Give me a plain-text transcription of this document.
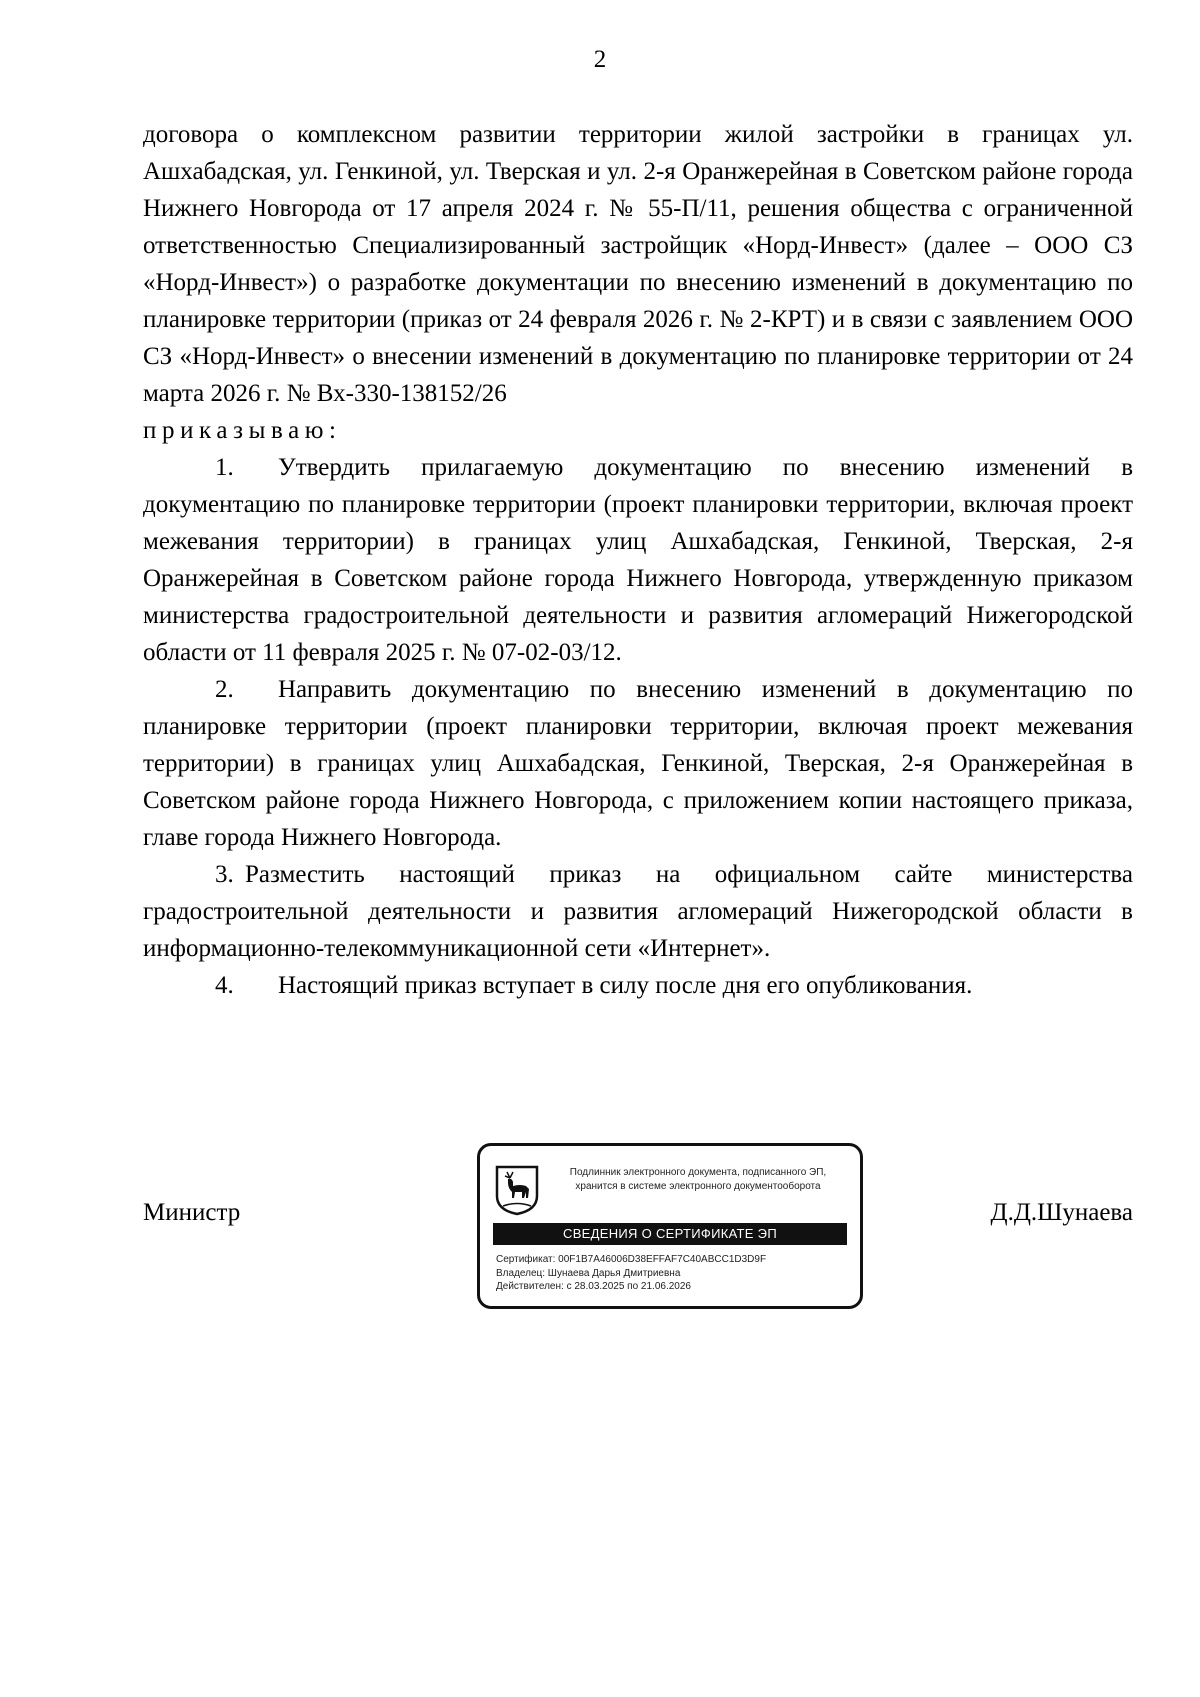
2

договора о комплексном развитии территории жилой застройки в границах ул. Ашхабадская, ул. Генкиной, ул. Тверская и ул. 2-я Оранжерейная в Советском районе города Нижнего Новгорода от 17 апреля 2024 г. № 55-П/11, решения общества с ограниченной ответственностью Специализированный застройщик «Норд-Инвест» (далее – ООО СЗ «Норд-Инвест») о разработке документации по внесению изменений в документацию по планировке территории (приказ от 24 февраля 2026 г. № 2-КРТ) и в связи с заявлением ООО СЗ «Норд-Инвест» о внесении изменений в документацию по планировке территории от 24 марта 2026 г. № Вх-330-138152/26

приказываю:

1. Утвердить прилагаемую документацию по внесению изменений в документацию по планировке территории (проект планировки территории, включая проект межевания территории) в границах улиц Ашхабадская, Генкиной, Тверская, 2-я Оранжерейная в Советском районе города Нижнего Новгорода, утвержденную приказом министерства градостроительной деятельности и развития агломераций Нижегородской области от 11 февраля 2025 г. № 07-02-03/12.

2. Направить документацию по внесению изменений в документацию по планировке территории (проект планировки территории, включая проект межевания территории) в границах улиц Ашхабадская, Генкиной, Тверская, 2-я Оранжерейная в Советском районе города Нижнего Новгорода, с приложением копии настоящего приказа, главе города Нижнего Новгорода.

3. Разместить настоящий приказ на официальном сайте министерства градостроительной деятельности и развития агломераций Нижегородской области в информационно-телекоммуникационной сети «Интернет».

4. Настоящий приказ вступает в силу после дня его опубликования.

Министр	Д.Д.Шунаева
Подлинник электронного документа, подписанного ЭП,
хранится в системе электронного документооборота
СВЕДЕНИЯ О СЕРТИФИКАТЕ ЭП
Сертификат: 00F1B7A46006D38EFFAF7C40ABCC1D3D9F
Владелец: Шунаева Дарья Дмитриевна
Действителен: с 28.03.2025 по 21.06.2026
